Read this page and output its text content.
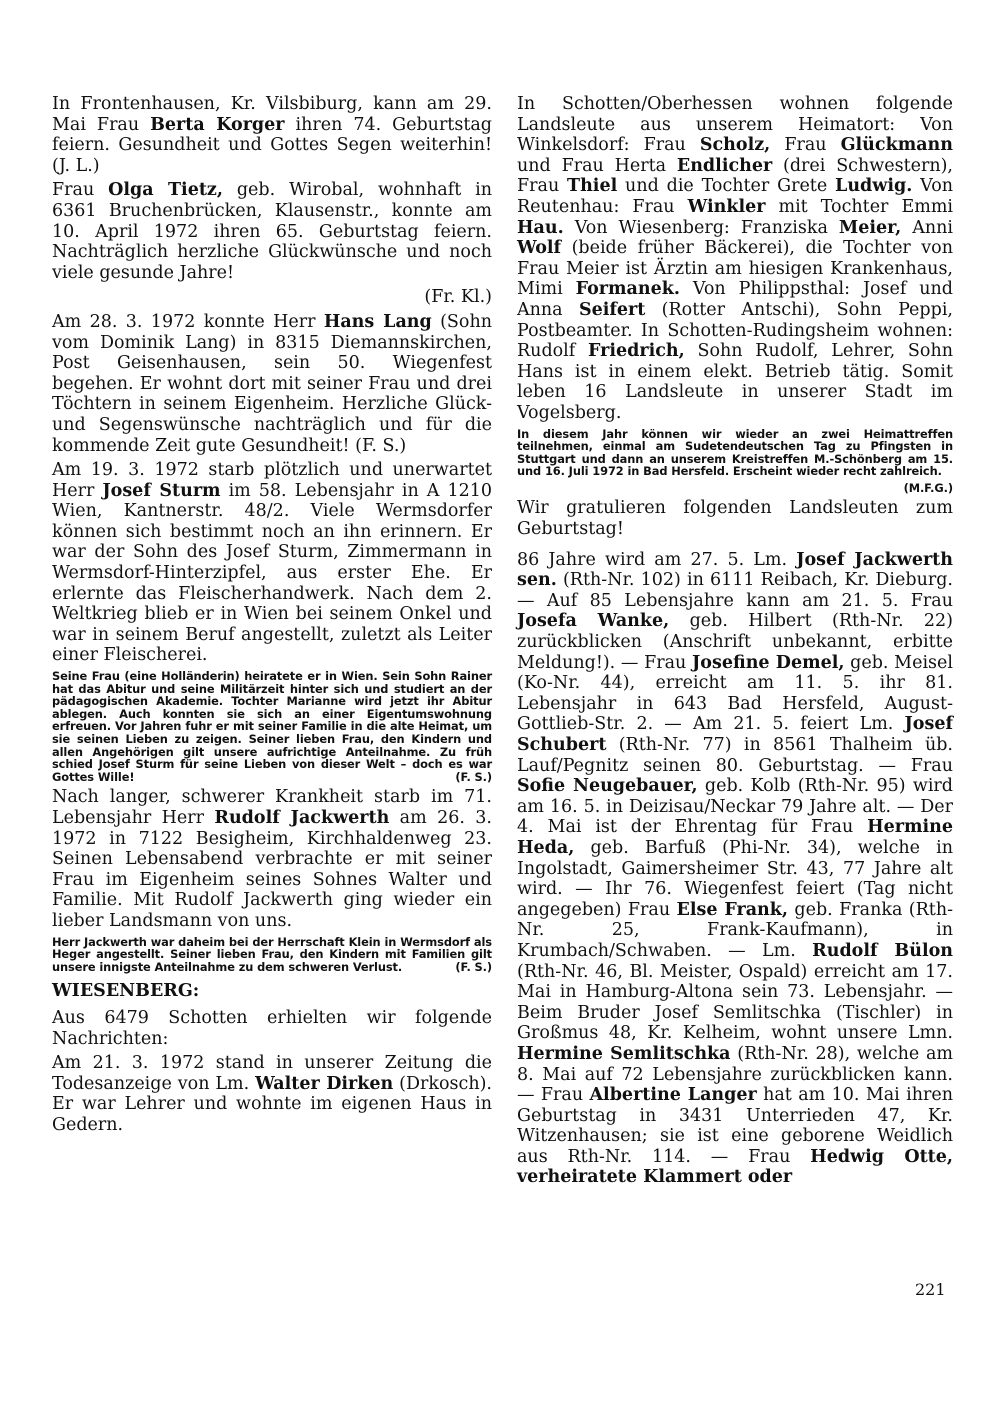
In Frontenhausen, Kr. Vilsbiburg, kann am 29. Mai Frau Berta Korger ihren 74. Geburtstag feiern. Gesundheit und Gottes Segen weiterhin! (J. L.)

Frau Olga Tietz, geb. Wirobal, wohnhaft in 6361 Bruchenbrücken, Klausenstr., konnte am 10. April 1972 ihren 65. Geburtstag feiern. Nachträglich herzliche Glückwünsche und noch viele gesunde Jahre!

(Fr. Kl.)

Am 28. 3. 1972 konnte Herr Hans Lang (Sohn vom Dominik Lang) in 8315 Diemannskirchen, Post Geisenhausen, sein 50. Wiegenfest begehen. Er wohnt dort mit seiner Frau und drei Töchtern in seinem Eigenheim. Herzliche Glück- und Segenswünsche nachträglich und für die kommende Zeit gute Gesundheit! (F. S.)

Am 19. 3. 1972 starb plötzlich und unerwartet Herr Josef Sturm im 58. Lebensjahr in A 1210 Wien, Kantnerstr. 48/2. Viele Wermsdorfer können sich bestimmt noch an ihn erinnern. Er war der Sohn des Josef Sturm, Zimmermann in Wermsdorf-Hinterzipfel, aus erster Ehe. Er erlernte das Fleischerhandwerk. Nach dem 2. Weltkrieg blieb er in Wien bei seinem Onkel und war in seinem Beruf angestellt, zuletzt als Leiter einer Fleischerei.

Seine Frau (eine Holländerin) heiratete er in Wien. Sein Sohn Rainer hat das Abitur und seine Militärzeit hinter sich und studiert an der pädagogischen Akademie. Tochter Marianne wird jetzt ihr Abitur ablegen. Auch konnten sie sich an einer Eigentumswohnung erfreuen. Vor Jahren fuhr er mit seiner Familie in die alte Heimat, um sie seinen Lieben zu zeigen. Seiner lieben Frau, den Kindern und allen Angehörigen gilt unsere aufrichtige Anteilnahme. Zu früh schied Josef Sturm für seine Lieben von dieser Welt – doch es war Gottes Wille!	(F. S.)

Nach langer, schwerer Krankheit starb im 71. Lebensjahr Herr Rudolf Jackwerth am 26. 3. 1972 in 7122 Besigheim, Kirchhaldenweg 23. Seinen Lebensabend verbrachte er mit seiner Frau im Eigenheim seines Sohnes Walter und Familie. Mit Rudolf Jackwerth ging wieder ein lieber Landsmann von uns.

Herr Jackwerth war daheim bei der Herrschaft Klein in Wermsdorf als Heger angestellt. Seiner lieben Frau, den Kindern mit Familien gilt unsere innigste Anteilnahme zu dem schweren Verlust.	(F. S.)

WIESENBERG:

Aus 6479 Schotten erhielten wir folgende Nachrichten:

Am 21. 3. 1972 stand in unserer Zeitung die Todesanzeige von Lm. Walter Dirken (Drkosch). Er war Lehrer und wohnte im eigenen Haus in Gedern.

In Schotten/Oberhessen wohnen folgende Landsleute aus unserem Heimatort: Von Winkelsdorf: Frau Scholz, Frau Glückmann und Frau Herta Endlicher (drei Schwestern), Frau Thiel und die Tochter Grete Ludwig. Von Reutenhau: Frau Winkler mit Tochter Emmi Hau. Von Wiesenberg: Franziska Meier, Anni Wolf (beide früher Bäckerei), die Tochter von Frau Meier ist Ärztin am hiesigen Krankenhaus, Mimi Formanek. Von Philippsthal: Josef und Anna Seifert (Rotter Antschi), Sohn Peppi, Postbeamter. In Schotten-Rudingsheim wohnen: Rudolf Friedrich, Sohn Rudolf, Lehrer, Sohn Hans ist in einem elekt. Betrieb tätig. Somit leben 16 Landsleute in unserer Stadt im Vogelsberg.

In diesem Jahr können wir wieder an zwei Heimattreffen teilnehmen, einmal am Sudetendeutschen Tag zu Pfingsten in Stuttgart und dann an unserem Kreistreffen M.-Schönberg am 15. und 16. Juli 1972 in Bad Hersfeld. Erscheint wieder recht zahlreich.

(M.F.G.)

Wir gratulieren folgenden Landsleuten zum Geburtstag!

86 Jahre wird am 27. 5. Lm. Josef Jackwerth sen. (Rth-Nr. 102) in 6111 Reibach, Kr. Dieburg. — Auf 85 Lebensjahre kann am 21. 5. Frau Josefa Wanke, geb. Hilbert (Rth-Nr. 22) zurückblicken (Anschrift unbekannt, erbitte Meldung!). — Frau Josefine Demel, geb. Meisel (Ko-Nr. 44), erreicht am 11. 5. ihr 81. Lebensjahr in 643 Bad Hersfeld, August-Gottlieb-Str. 2. — Am 21. 5. feiert Lm. Josef Schubert (Rth-Nr. 77) in 8561 Thalheim üb. Lauf/Pegnitz seinen 80. Geburtstag. — Frau Sofie Neugebauer, geb. Kolb (Rth-Nr. 95) wird am 16. 5. in Deizisau/Neckar 79 Jahre alt. — Der 4. Mai ist der Ehrentag für Frau Hermine Heda, geb. Barfuß (Phi-Nr. 34), welche in Ingolstadt, Gaimersheimer Str. 43, 77 Jahre alt wird. — Ihr 76. Wiegenfest feiert (Tag nicht angegeben) Frau Else Frank, geb. Franka (Rth-Nr. 25, Frank-Kaufmann), in Krumbach/Schwaben. — Lm. Rudolf Bülon (Rth-Nr. 46, Bl. Meister, Ospald) erreicht am 17. Mai in Hamburg-Altona sein 73. Lebensjahr. — Beim Bruder Josef Semlitschka (Tischler) in Großmus 48, Kr. Kelheim, wohnt unsere Lmn. Hermine Semlitschka (Rth-Nr. 28), welche am 8. Mai auf 72 Lebensjahre zurückblicken kann. — Frau Albertine Langer hat am 10. Mai ihren Geburtstag in 3431 Unterrieden 47, Kr. Witzenhausen; sie ist eine geborene Weidlich aus Rth-Nr. 114. — Frau Hedwig Otte, verheiratete Klammert oder

221
